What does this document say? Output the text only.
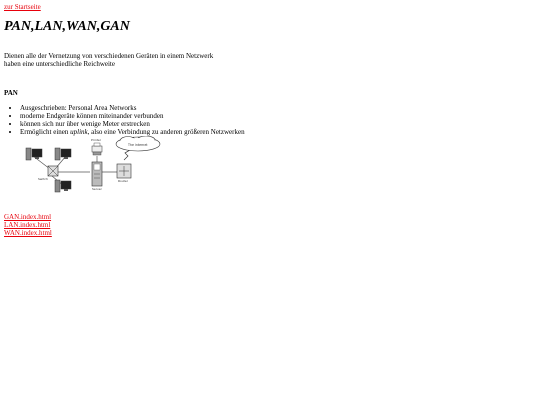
zur Startseite
PAN,LAN,WAN,GAN
Dienen alle der Vernetzung von verschiedenen Geräten in einem Netzwerk
haben eine unterschiedliche Reichweite
PAN
• Ausgeschrieben: Personal Area Networks
• moderne Endgeräte können miteinander verbunden
• können sich nur über wenige Meter erstrecken
• Ermöglicht einen uplink, also eine Verbindung zu anderen größeren Netzwerken
Switch
Printer
Server
Router
The internet
GAN.index.html
LAN.index.html
WAN.index.html
